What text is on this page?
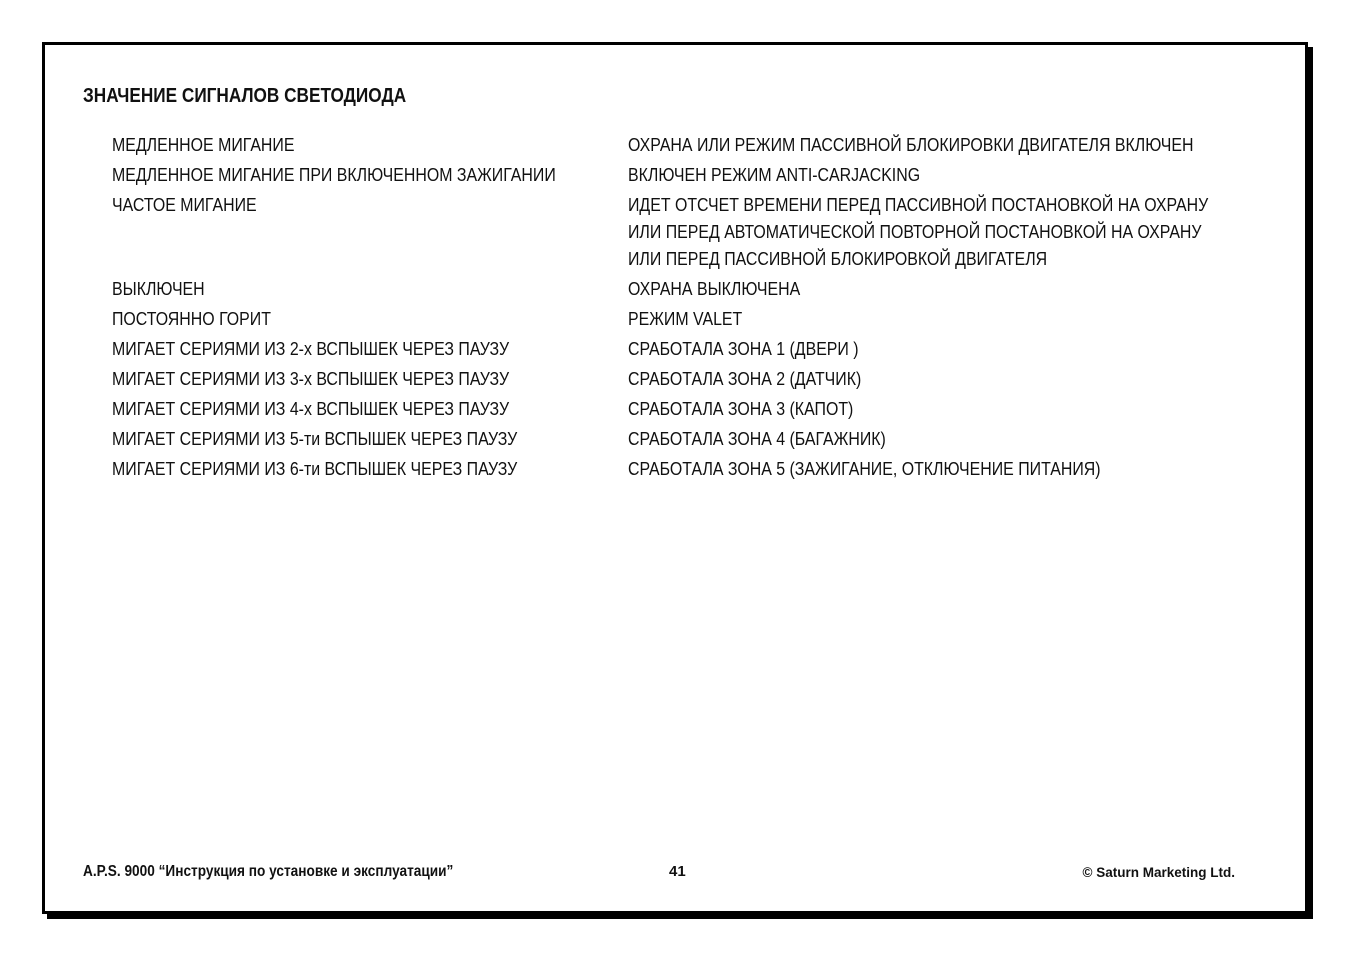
ЗНАЧЕНИЕ СИГНАЛОВ СВЕТОДИОДА
МЕДЛЕННОЕ МИГАНИЕ	ОХРАНА ИЛИ РЕЖИМ ПАССИВНОЙ БЛОКИРОВКИ ДВИГАТЕЛЯ ВКЛЮЧЕН
МЕДЛЕННОЕ МИГАНИЕ ПРИ ВКЛЮЧЕННОМ ЗАЖИГАНИИ	ВКЛЮЧЕН РЕЖИМ ANTI-CARJACKING
ЧАСТОЕ МИГАНИЕ	ИДЕТ ОТСЧЕТ ВРЕМЕНИ ПЕРЕД ПАССИВНОЙ ПОСТАНОВКОЙ НА ОХРАНУ
ИЛИ ПЕРЕД АВТОМАТИЧЕСКОЙ ПОВТОРНОЙ ПОСТАНОВКОЙ НА ОХРАНУ
ИЛИ ПЕРЕД ПАССИВНОЙ БЛОКИРОВКОЙ ДВИГАТЕЛЯ
ВЫКЛЮЧЕН	ОХРАНА ВЫКЛЮЧЕНА
ПОСТОЯННО ГОРИТ	РЕЖИМ VALET
МИГАЕТ СЕРИЯМИ ИЗ 2-х ВСПЫШЕК ЧЕРЕЗ ПАУЗУ	СРАБОТАЛА ЗОНА 1 (ДВЕРИ )
МИГАЕТ СЕРИЯМИ ИЗ 3-х ВСПЫШЕК ЧЕРЕЗ ПАУЗУ	СРАБОТАЛА ЗОНА 2 (ДАТЧИК)
МИГАЕТ СЕРИЯМИ ИЗ 4-х ВСПЫШЕК ЧЕРЕЗ ПАУЗУ	СРАБОТАЛА ЗОНА 3 (КАПОТ)
МИГАЕТ СЕРИЯМИ ИЗ 5-ти ВСПЫШЕК ЧЕРЕЗ ПАУЗУ	СРАБОТАЛА ЗОНА 4 (БАГАЖНИК)
МИГАЕТ СЕРИЯМИ ИЗ 6-ти ВСПЫШЕК ЧЕРЕЗ ПАУЗУ	СРАБОТАЛА ЗОНА 5 (ЗАЖИГАНИЕ, ОТКЛЮЧЕНИЕ ПИТАНИЯ)
A.P.S. 9000 “Инструкция по установке и эксплуатации”	41	© Saturn Marketing Ltd.
